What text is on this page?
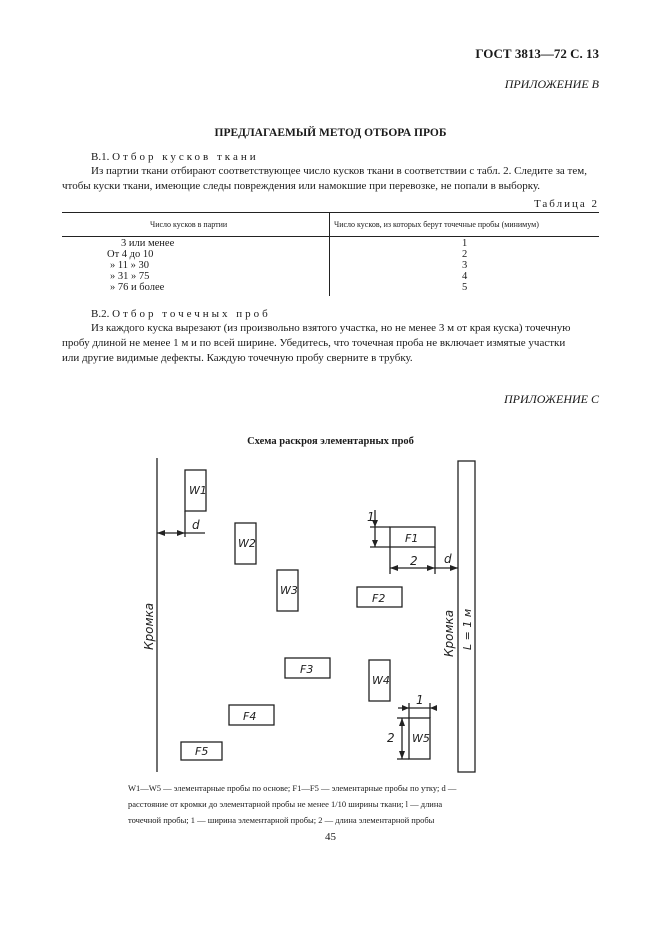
ГОСТ 3813—72 С. 13
ПРИЛОЖЕНИЕ В
ПРЕДЛАГАЕМЫЙ МЕТОД ОТБОРА ПРОБ
В.1. Отбор кусков ткани
Из партии ткани отбирают соответствующее число кусков ткани в соответствии с табл. 2. Следите за тем,
чтобы куски ткани, имеющие следы повреждения или намокшие при перевозке, не попали в выборку.
Таблица 2
Число кусков в партии	Число кусков, из которых берут точечные пробы (минимум)
3 или менее
От 4 до 10
» 11 » 30
» 31 » 75
» 76 и более
1
2
3
4
5
В.2. Отбор точечных проб
Из каждого куска вырезают (из произвольно взятого участка, но не менее 3 м от края куска) точечную
пробу длиной не менее 1 м и по всей ширине. Убедитесь, что точечная проба не включает измятые участки
или другие видимые дефекты. Каждую точечную пробу сверните в трубку.
ПРИЛОЖЕНИЕ С
Схема раскроя элементарных проб
W1
W2
W3
W4
W5
F1
F2
F3
F4
F5
d
d
2
1
1
2
Кромка	Кромка L = 1 м
W1—W5 — элементарные пробы по основе; F1—F5 — элементарные пробы по утку; d —
расстояние от кромки до элементарной пробы не менее 1/10 ширины ткани; l — длина
точечной пробы; 1 — ширина элементарной пробы; 2 — длина элементарной пробы
45
